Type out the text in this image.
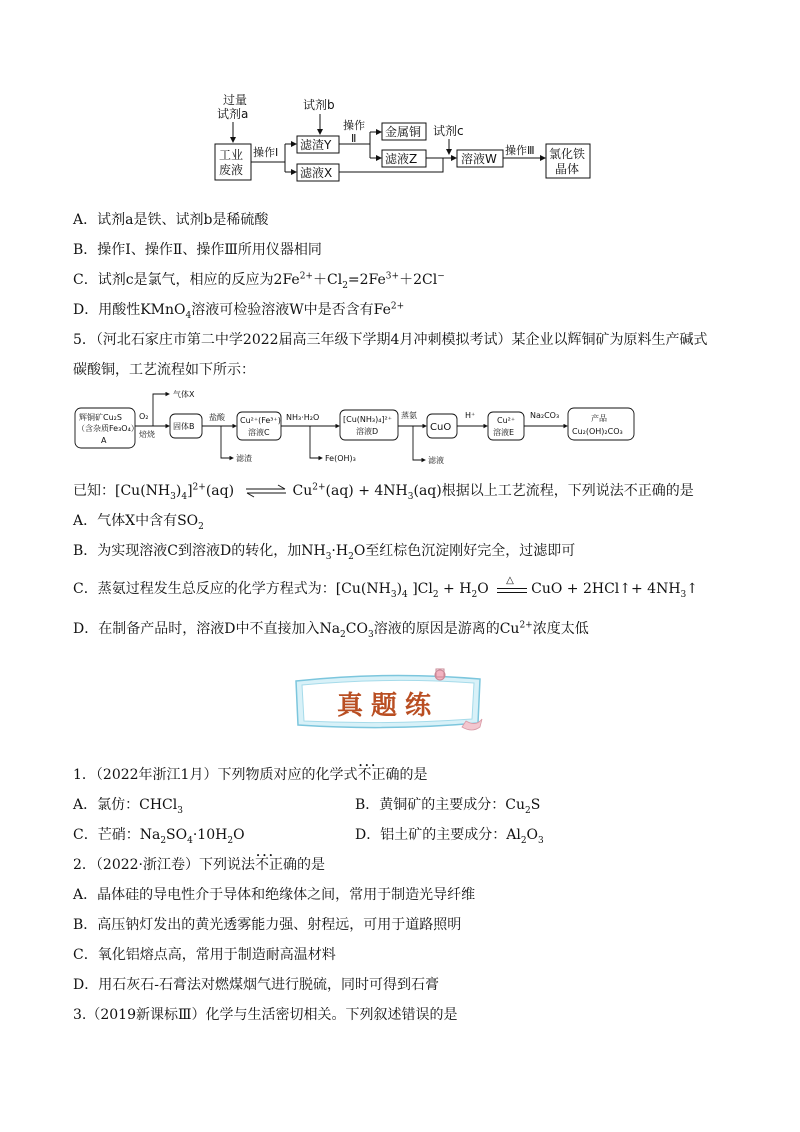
过量
试剂a
工业
废液
操作Ⅰ
试剂b
滤渣Y
滤液X
操作
Ⅱ 金属铜
滤液Z
试剂c
溶液W
操作Ⅲ 氯化铁
晶体
A．试剂a是铁、试剂b是稀硫酸
B．操作Ⅰ、操作Ⅱ、操作Ⅲ所用仪器相同
C．试剂c是氯气，相应的反应为$2Fe^{2+}+Cl_2=2Fe^{3+}+2Cl^-$
D．用酸性KMnO$_4$溶液可检验溶液W中是否含有$Fe^{2+}$
5．（河北石家庄市第二中学2022届高三年级下学期4月冲刺模拟考试）某企业以辉铜矿为原料生产碱式
碳酸铜，工艺流程如下所示：
辉铜矿Cu₂S
（含杂质Fe₃O₄）
A
O₂
焙烧
气体X
固体B
盐酸
滤渣
Cu²⁺(Fe³⁺)
溶液C
NH₃·H₂O
Fe(OH)₃
[Cu(NH₃)₄]²⁺
溶液D
蒸氨
滤液
CuO
H⁺
Cu²⁺
溶液E
Na₂CO₃	产品
Cu₂(OH)₂CO₃
已知：$[Cu(NH_3)_4]^{2+}(aq)$ ⇌ $Cu^{2+}(aq) + 4NH_3(aq)$根据以上工艺流程，下列说法不正确的是
A．气体X中含有$SO_2$
B．为实现溶液C到溶液D的转化，加$NH_3\cdot H_2O$至红棕色沉淀刚好完全，过滤即可
C．蒸氨过程发生总反应的化学方程式为：[$Cu(NH_3)_4$ ]$Cl_2 + H_2O$
△
CuO + 2HCl↑+ $4NH_3↑$
D．在制备产品时，溶液D中不直接加入$Na_2CO_3$溶液的原因是游离的$Cu^{2+}$浓度太低
真题练
1．（2022年浙江1月）下列物质对应的化学式• • • 不正确的是
A．氯仿：CHCl$_3$	B．黄铜矿的主要成分：$Cu_2S$
C．芒硝：$Na_2SO_4\cdot 10H_2O$	D．铝土矿的主要成分：$Al_2O_3$
2．（2022·浙江卷）下列说法• • • 不正确的是
A．晶体硅的导电性介于导体和绝缘体之间，常用于制造光导纤维
B．高压钠灯发出的黄光透雾能力强、射程远，可用于道路照明
C．氧化铝熔点高，常用于制造耐高温材料
D．用石灰石-石膏法对燃煤烟气进行脱硫，同时可得到石膏
3.（2019新课标Ⅲ）化学与生活密切相关。下列叙述错误的是
